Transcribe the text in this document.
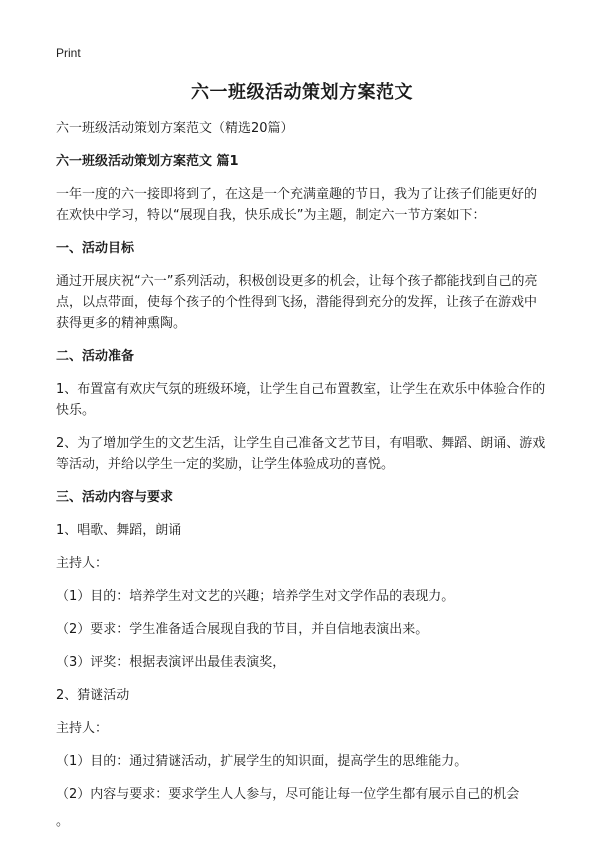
Print
六一班级活动策划方案范文
六一班级活动策划方案范文（精选20篇）
六一班级活动策划方案范文 篇1
一年一度的六一接即将到了，在这是一个充满童趣的节日，我为了让孩子们能更好的在欢快中学习，特以“展现自我，快乐成长”为主题，制定六一节方案如下：
一、活动目标
通过开展庆祝“六一”系列活动，积极创设更多的机会，让每个孩子都能找到自己的亮点，以点带面，使每个孩子的个性得到飞扬，潜能得到充分的发挥，让孩子在游戏中获得更多的精神熏陶。
二、活动准备
1、布置富有欢庆气氛的班级环境，让学生自己布置教室，让学生在欢乐中体验合作的快乐。
2、为了增加学生的文艺生活，让学生自己准备文艺节目，有唱歌、舞蹈、朗诵、游戏等活动，并给以学生一定的奖励，让学生体验成功的喜悦。
三、活动内容与要求
1、唱歌、舞蹈，朗诵
主持人：
（1）目的：培养学生对文艺的兴趣；培养学生对文学作品的表现力。
（2）要求：学生准备适合展现自我的节目，并自信地表演出来。
（3）评奖：根据表演评出最佳表演奖，
2、猜谜活动
主持人：
（1）目的：通过猜谜活动，扩展学生的知识面，提高学生的思维能力。
（2）内容与要求：要求学生人人参与，尽可能让每一位学生都有展示自己的机会
。
